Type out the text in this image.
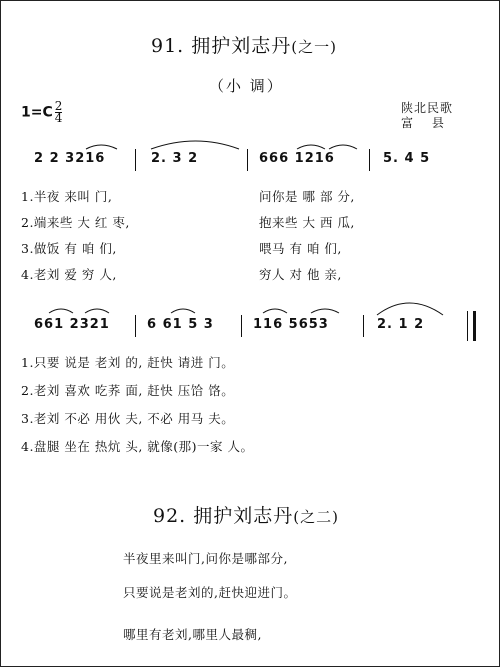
91. 拥护刘志丹(之一)
（小 调）
$1=C \frac{2}{4}$	陕北民歌
富　 县
2 2 3216	2. 3 2	666 1216	5. 4 5
1.半夜 来叫 门,	问你是 哪 部 分,
2.端来些 大 红 枣,	抱来些 大 西 瓜,
3.做饭 有 咱 们,	喂马 有 咱 们,
4.老刘 爱 穷 人,	穷人 对 他 亲,
661 2321	6 61 5 3	116 5653	2. 1 2
1.只要 说是 老刘 的, 赶快 请进 门。
2.老刘 喜欢 吃荞 面, 赶快 压饸 饹。
3.老刘 不必 用伙 夫, 不必 用马 夫。
4.盘腿 坐在 热炕 头, 就像(那)一家 人。
92. 拥护刘志丹(之二)
半夜里来叫门,问你是哪部分,
只要说是老刘的,赶快迎进门。
哪里有老刘,哪里人最稠,
